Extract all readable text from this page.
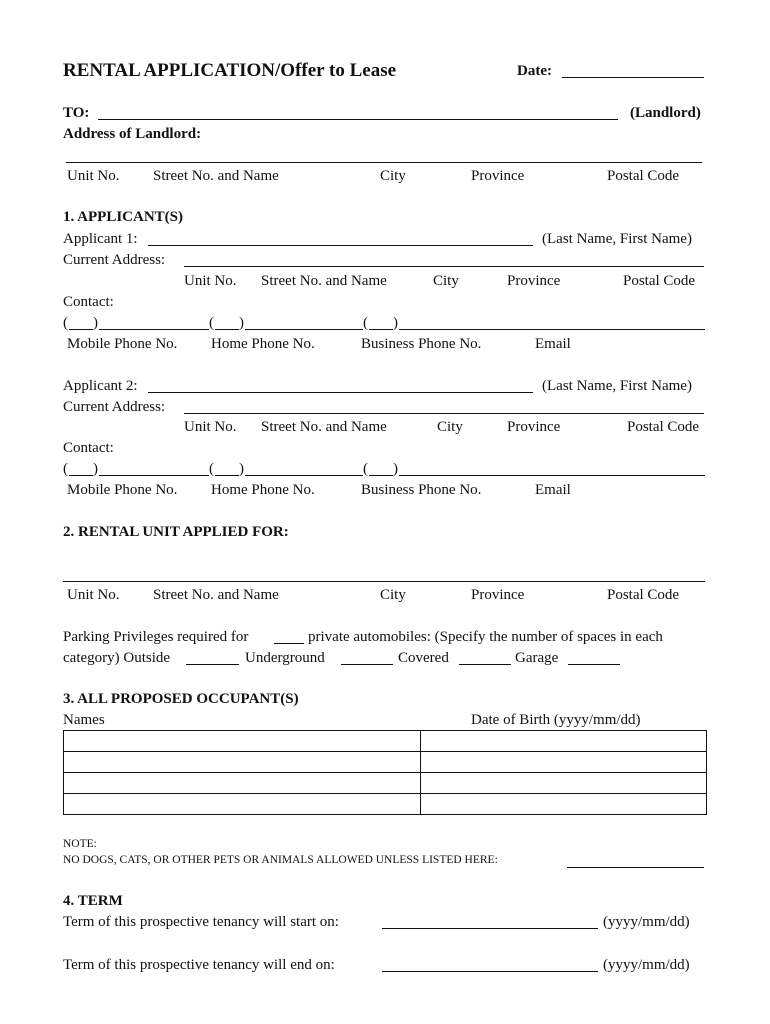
RENTAL APPLICATION/Offer to Lease	Date:
TO:	(Landlord)
Address of Landlord:
Unit No. Street No. and Name	City	Province	Postal Code
1. APPLICANT(S)
Applicant 1:	(Last Name, First Name)
Current Address:
Unit No. Street No. and Name	City	Province	Postal Code
Contact:
( )	( )	( )
Mobile Phone No. Home Phone No.	Business Phone No.	Email
Applicant 2:	(Last Name, First Name)
Current Address:
Unit No. Street No. and Name	City	Province	Postal Code
Contact:
( )	( )	( )
Mobile Phone No. Home Phone No.	Business Phone No.	Email
2. RENTAL UNIT APPLIED FOR:
Unit No. Street No. and Name	City	Province	Postal Code
Parking Privileges required for	private automobiles: (Specify the number of spaces in each
category) Outside	Underground	Covered	Garage
3. ALL PROPOSED OCCUPANT(S)
Names	Date of Birth (yyyy/mm/dd)

NOTE:
NO DOGS, CATS, OR OTHER PETS OR ANIMALS ALLOWED UNLESS LISTED HERE:
4. TERM
Term of this prospective tenancy will start on:	(yyyy/mm/dd)
Term of this prospective tenancy will end on:	(yyyy/mm/dd)
